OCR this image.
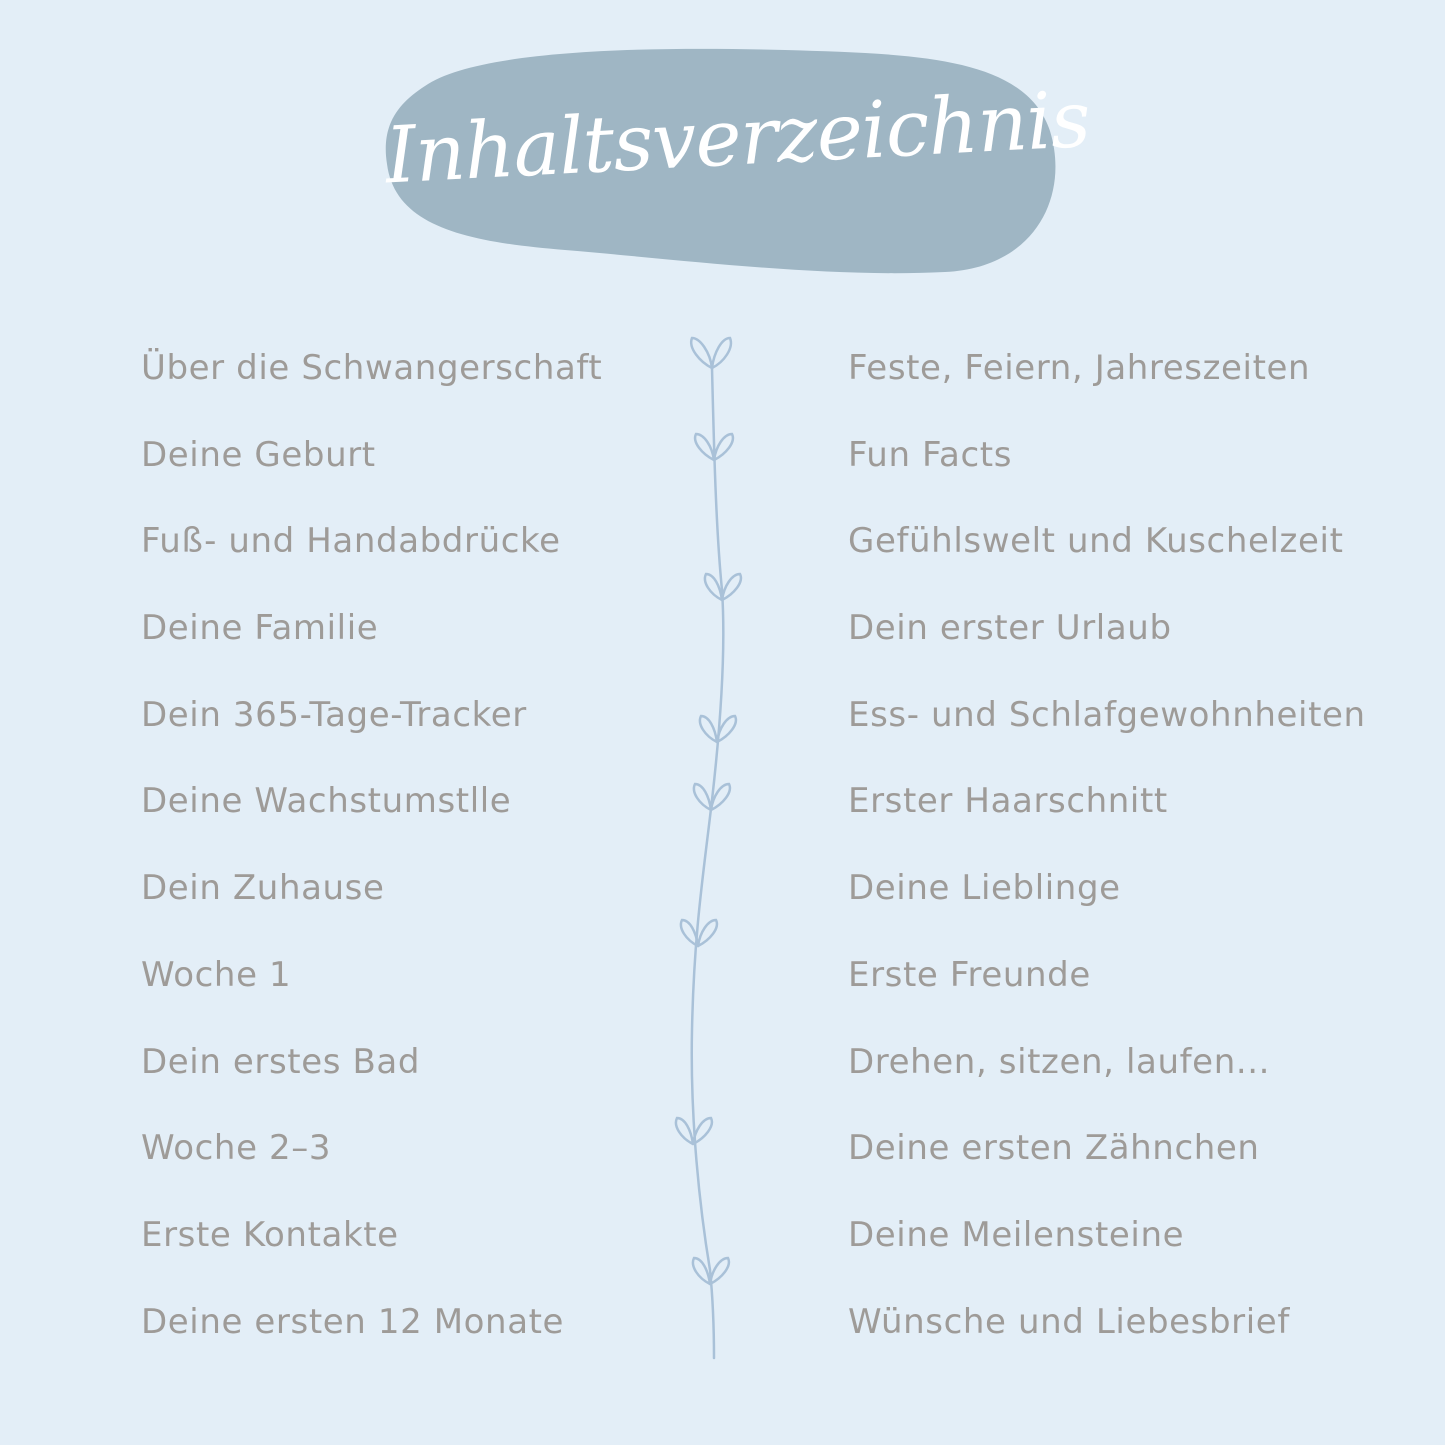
Inhaltsverzeichnis
Über die Schwangerschaft
Deine Geburt
Fuß- und Handabdrücke
Deine Familie
Dein 365-Tage-Tracker
Deine Wachstumstlle
Dein Zuhause
Woche 1
Dein erstes Bad
Woche 2–3
Erste Kontakte
Deine ersten 12 Monate
Feste, Feiern, Jahreszeiten
Fun Facts
Gefühlswelt und Kuschelzeit
Dein erster Urlaub
Ess- und Schlafgewohnheiten
Erster Haarschnitt
Deine Lieblinge
Erste Freunde
Drehen, sitzen, laufen...
Deine ersten Zähnchen
Deine Meilensteine
Wünsche und Liebesbrief
